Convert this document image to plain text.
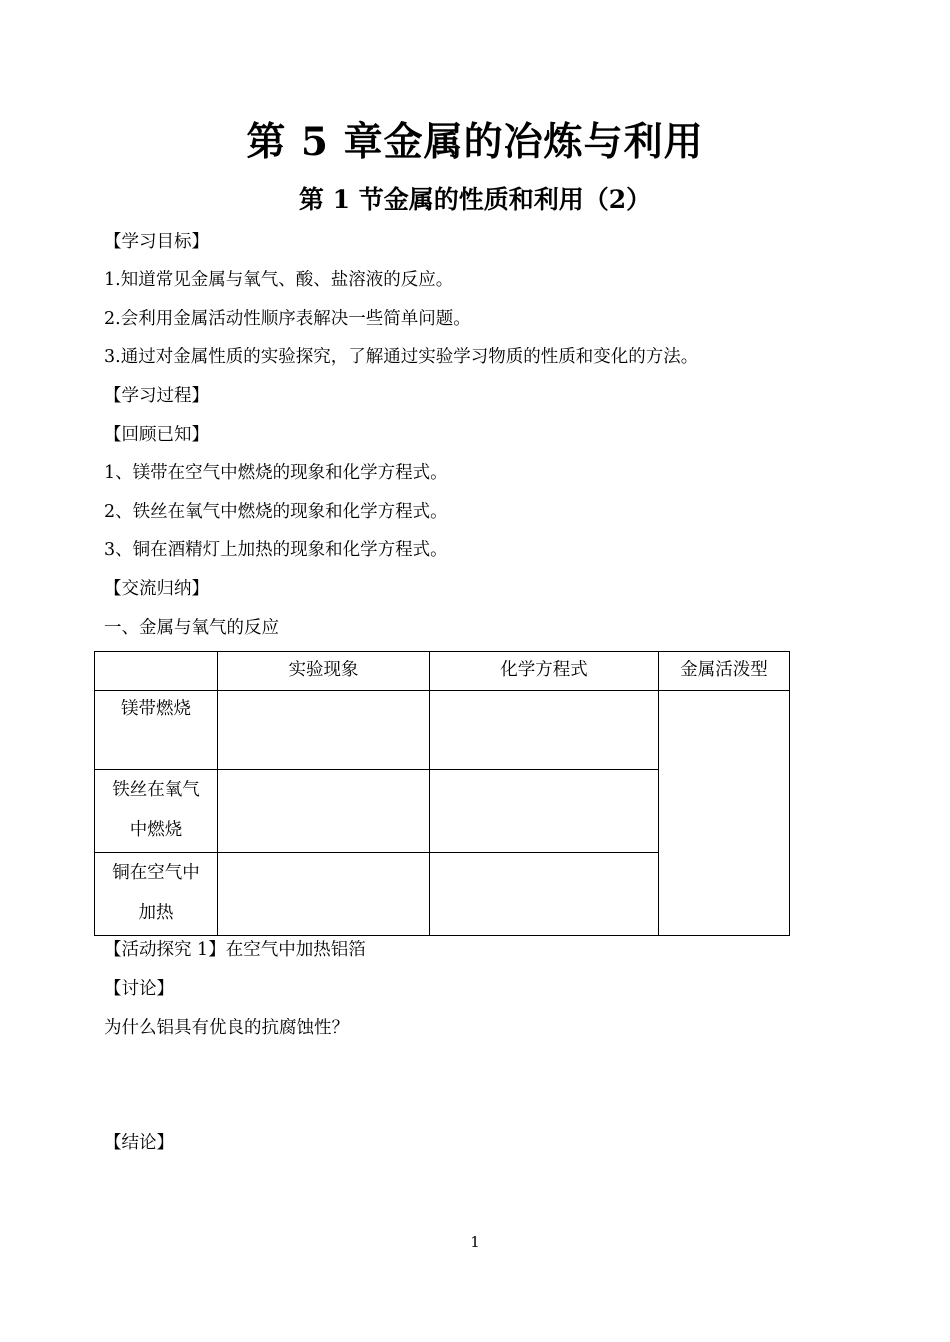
第 5 章金属的冶炼与利用
第 1 节金属的性质和利用（2）
【学习目标】
1.知道常见金属与氧气、酸、盐溶液的反应。
2.会利用金属活动性顺序表解决一些简单问题。
3.通过对金属性质的实验探究，了解通过实验学习物质的性质和变化的方法。
【学习过程】
【回顾已知】
1、镁带在空气中燃烧的现象和化学方程式。
2、铁丝在氧气中燃烧的现象和化学方程式。
3、铜在酒精灯上加热的现象和化学方程式。
【交流归纳】
一、金属与氧气的反应

	实验现象	化学方程式	金属活泼型

镁带燃烧			

铁丝在氧气
中燃烧			

铜在空气中
加热			

【活动探究 1】在空气中加热铝箔
【讨论】
为什么铝具有优良的抗腐蚀性？
【结论】
1
